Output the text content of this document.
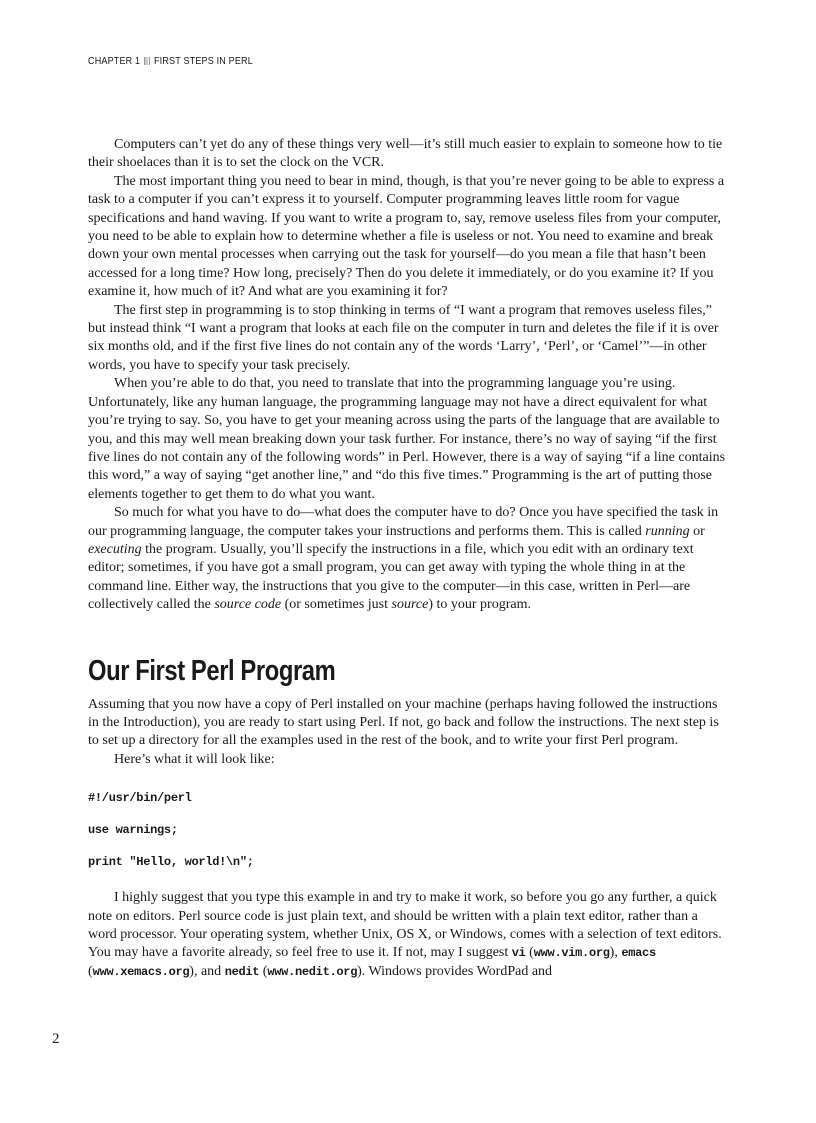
CHAPTER 1 FIRST STEPS IN PERL

Computers can’t yet do any of these things very well—it’s still much easier to explain to someone how to tie their shoelaces than it is to set the clock on the VCR.

The most important thing you need to bear in mind, though, is that you’re never going to be able to express a task to a computer if you can’t express it to yourself. Computer programming leaves little room for vague specifications and hand waving. If you want to write a program to, say, remove useless files from your computer, you need to be able to explain how to determine whether a file is useless or not. You need to examine and break down your own mental processes when carrying out the task for yourself—do you mean a file that hasn’t been accessed for a long time? How long, precisely? Then do you delete it immediately, or do you examine it? If you examine it, how much of it? And what are you examining it for?

The first step in programming is to stop thinking in terms of “I want a program that removes useless files,” but instead think “I want a program that looks at each file on the computer in turn and deletes the file if it is over six months old, and if the first five lines do not contain any of the words ‘Larry’, ‘Perl’, or ‘Camel’”—in other words, you have to specify your task precisely.

When you’re able to do that, you need to translate that into the programming language you’re using. Unfortunately, like any human language, the programming language may not have a direct equivalent for what you’re trying to say. So, you have to get your meaning across using the parts of the language that are available to you, and this may well mean breaking down your task further. For instance, there’s no way of saying “if the first five lines do not contain any of the following words” in Perl. However, there is a way of saying “if a line contains this word,” a way of saying “get another line,” and “do this five times.” Programming is the art of putting those elements together to get them to do what you want.

So much for what you have to do—what does the computer have to do? Once you have specified the task in our programming language, the computer takes your instructions and performs them. This is called running or executing the program. Usually, you’ll specify the instructions in a file, which you edit with an ordinary text editor; sometimes, if you have got a small program, you can get away with typing the whole thing in at the command line. Either way, the instructions that you give to the computer—in this case, written in Perl—are collectively called the source code (or sometimes just source) to your program.

Our First Perl Program

Assuming that you now have a copy of Perl installed on your machine (perhaps having followed the instructions in the Introduction), you are ready to start using Perl. If not, go back and follow the instructions. The next step is to set up a directory for all the examples used in the rest of the book, and to write your first Perl program.

Here’s what it will look like:

#!/usr/bin/perl
use warnings;
print "Hello, world!\n";

I highly suggest that you type this example in and try to make it work, so before you go any further, a quick note on editors. Perl source code is just plain text, and should be written with a plain text editor, rather than a word processor. Your operating system, whether Unix, OS X, or Windows, comes with a selection of text editors. You may have a favorite already, so feel free to use it. If not, may I suggest vi (www.vim.org), emacs (www.xemacs.org), and nedit (www.nedit.org). Windows provides WordPad and

2
